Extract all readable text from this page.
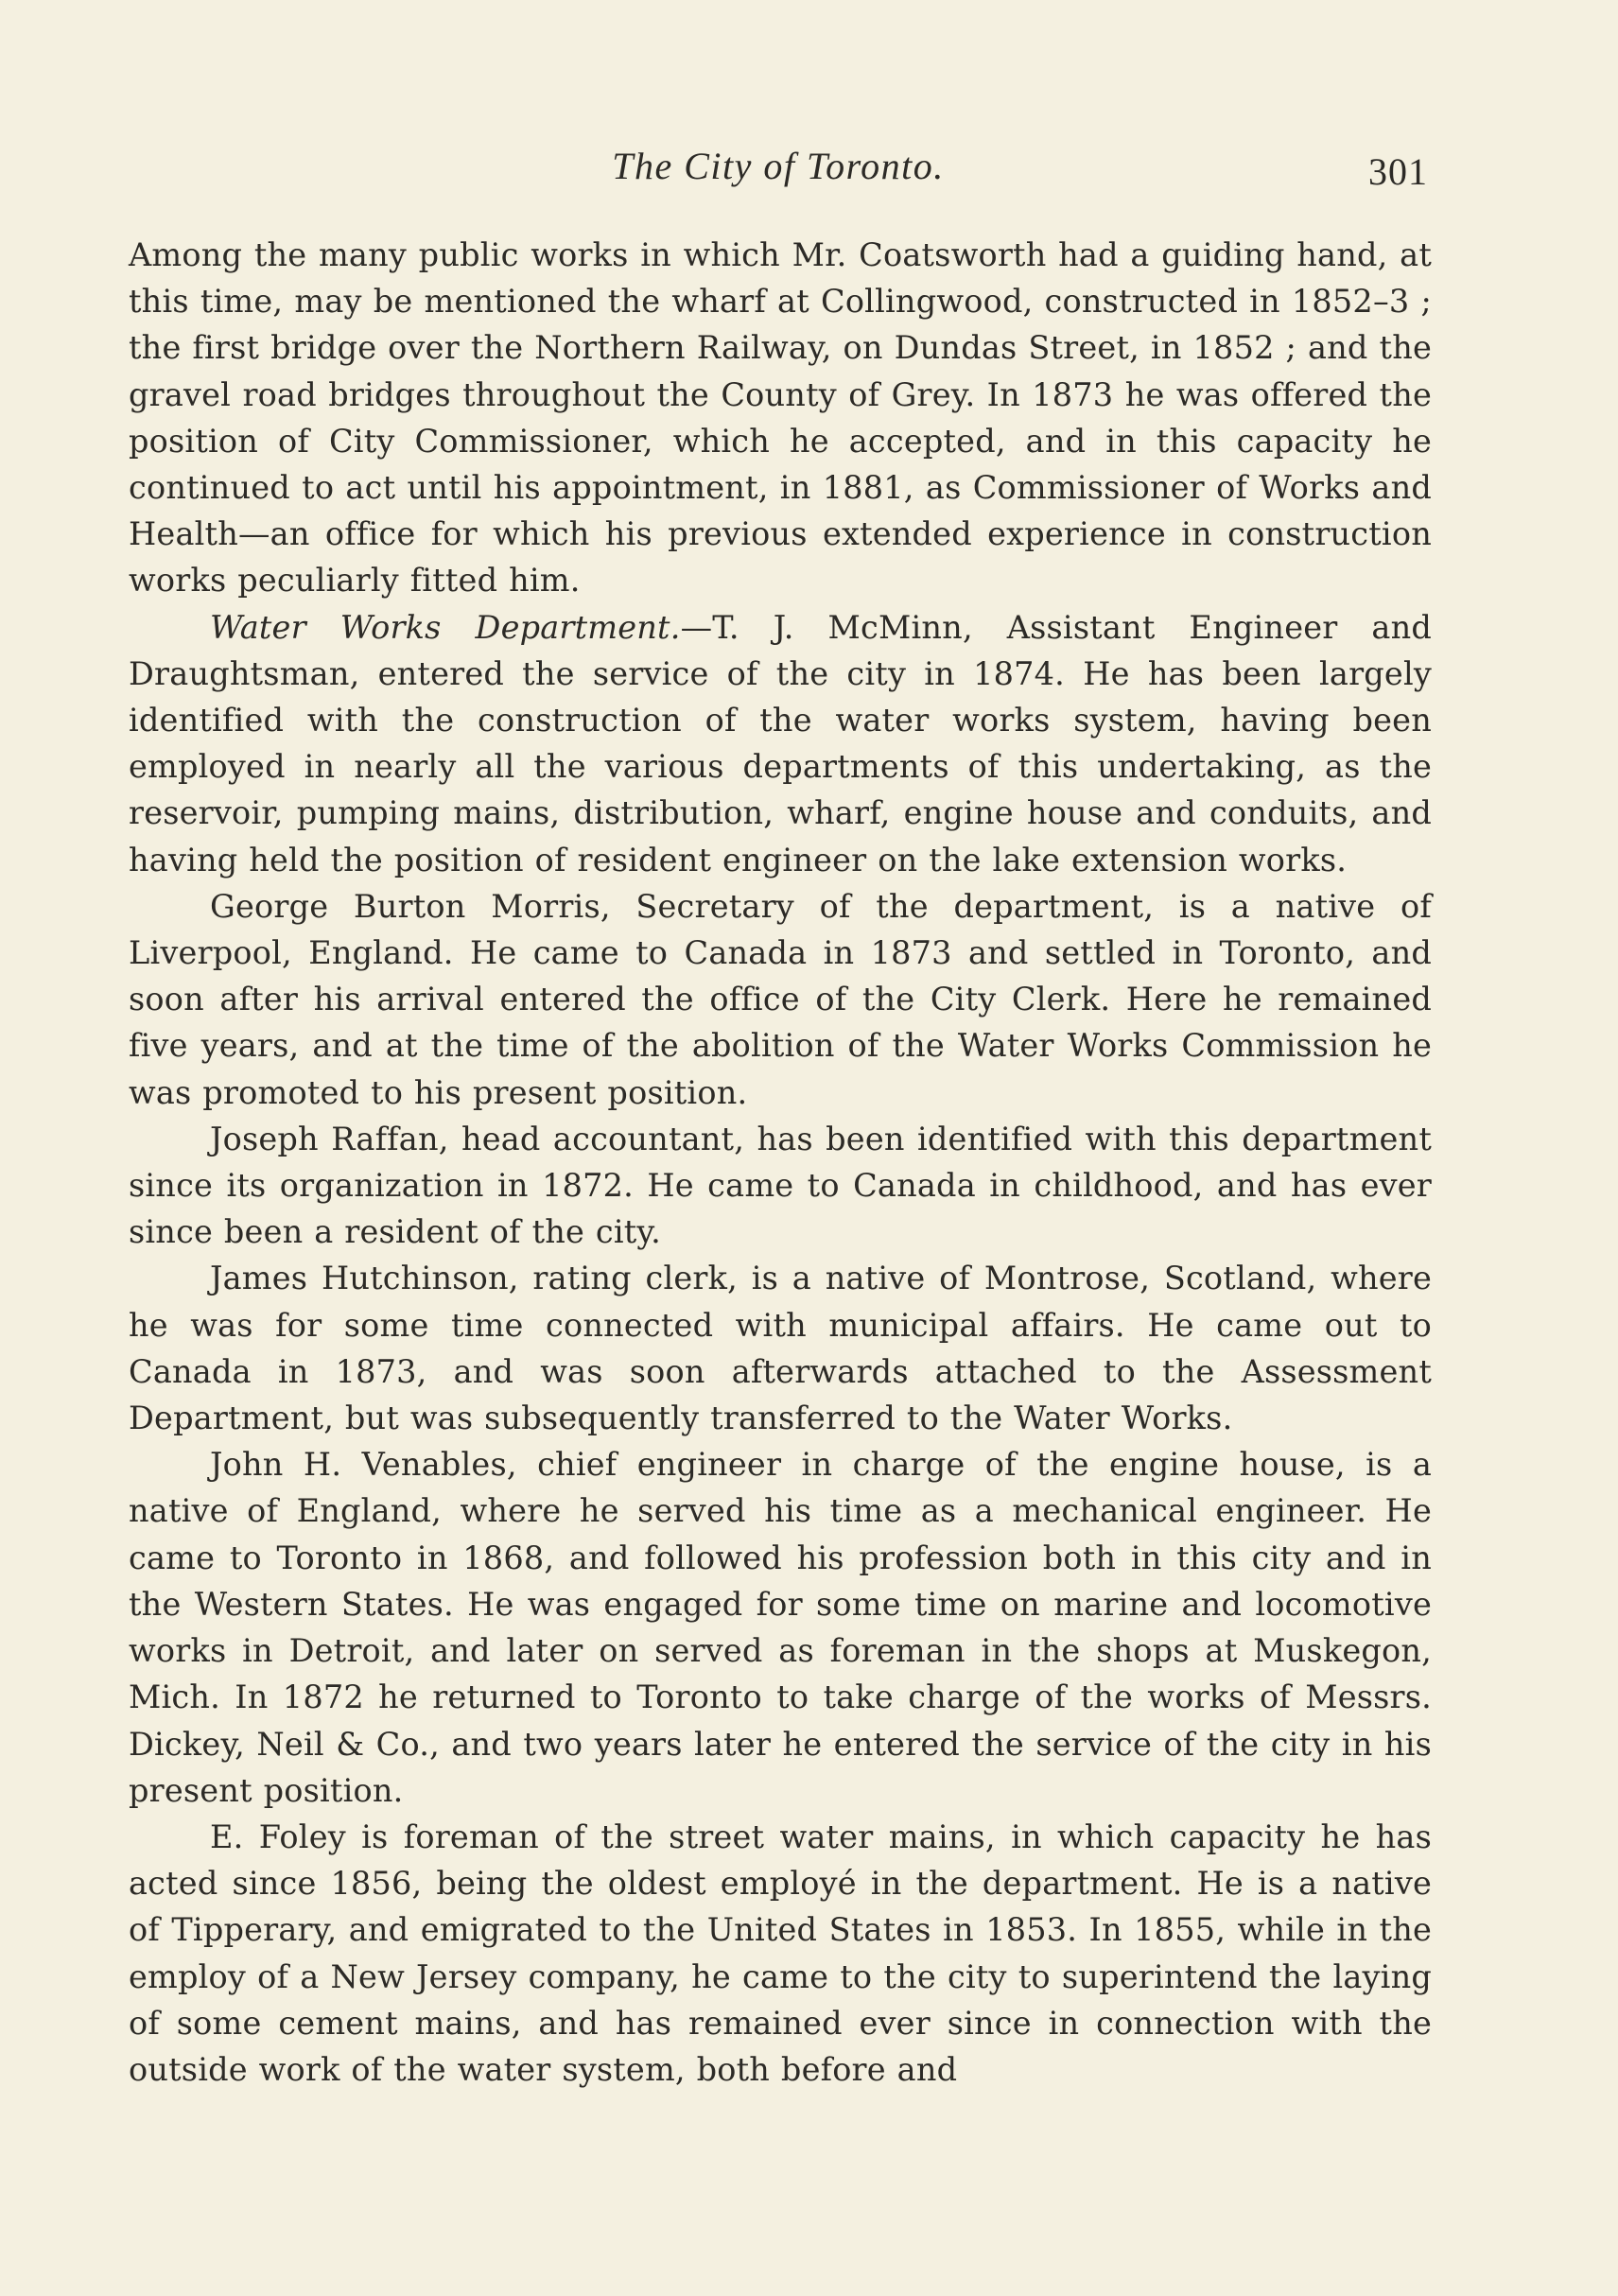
The City of Toronto.	301

Among the many public works in which Mr. Coatsworth had a guiding hand, at this time, may be mentioned the wharf at Collingwood, constructed in 1852–3 ; the first bridge over the Northern Railway, on Dundas Street, in 1852 ; and the gravel road bridges throughout the County of Grey. In 1873 he was offered the position of City Commissioner, which he accepted, and in this capacity he continued to act until his appointment, in 1881, as Commissioner of Works and Health—an office for which his previous extended experience in construction works peculiarly fitted him.

Water Works Department.—T. J. McMinn, Assistant Engineer and Draughtsman, entered the service of the city in 1874. He has been largely identified with the construction of the water works system, having been employed in nearly all the various departments of this undertaking, as the reservoir, pumping mains, distribution, wharf, engine house and conduits, and having held the position of resident engineer on the lake extension works.

George Burton Morris, Secretary of the department, is a native of Liverpool, England. He came to Canada in 1873 and settled in Toronto, and soon after his arrival entered the office of the City Clerk. Here he remained five years, and at the time of the abolition of the Water Works Commission he was promoted to his present position.

Joseph Raffan, head accountant, has been identified with this department since its organization in 1872. He came to Canada in childhood, and has ever since been a resident of the city.

James Hutchinson, rating clerk, is a native of Montrose, Scotland, where he was for some time connected with municipal affairs. He came out to Canada in 1873, and was soon afterwards attached to the Assessment Department, but was subsequently transferred to the Water Works.

John H. Venables, chief engineer in charge of the engine house, is a native of England, where he served his time as a mechanical engineer. He came to Toronto in 1868, and followed his profession both in this city and in the Western States. He was engaged for some time on marine and locomotive works in Detroit, and later on served as foreman in the shops at Muskegon, Mich. In 1872 he returned to Toronto to take charge of the works of Messrs. Dickey, Neil & Co., and two years later he entered the service of the city in his present position.

E. Foley is foreman of the street water mains, in which capacity he has acted since 1856, being the oldest employé in the department. He is a native of Tipperary, and emigrated to the United States in 1853. In 1855, while in the employ of a New Jersey company, he came to the city to superintend the laying of some cement mains, and has remained ever since in connection with the outside work of the water system, both before and
